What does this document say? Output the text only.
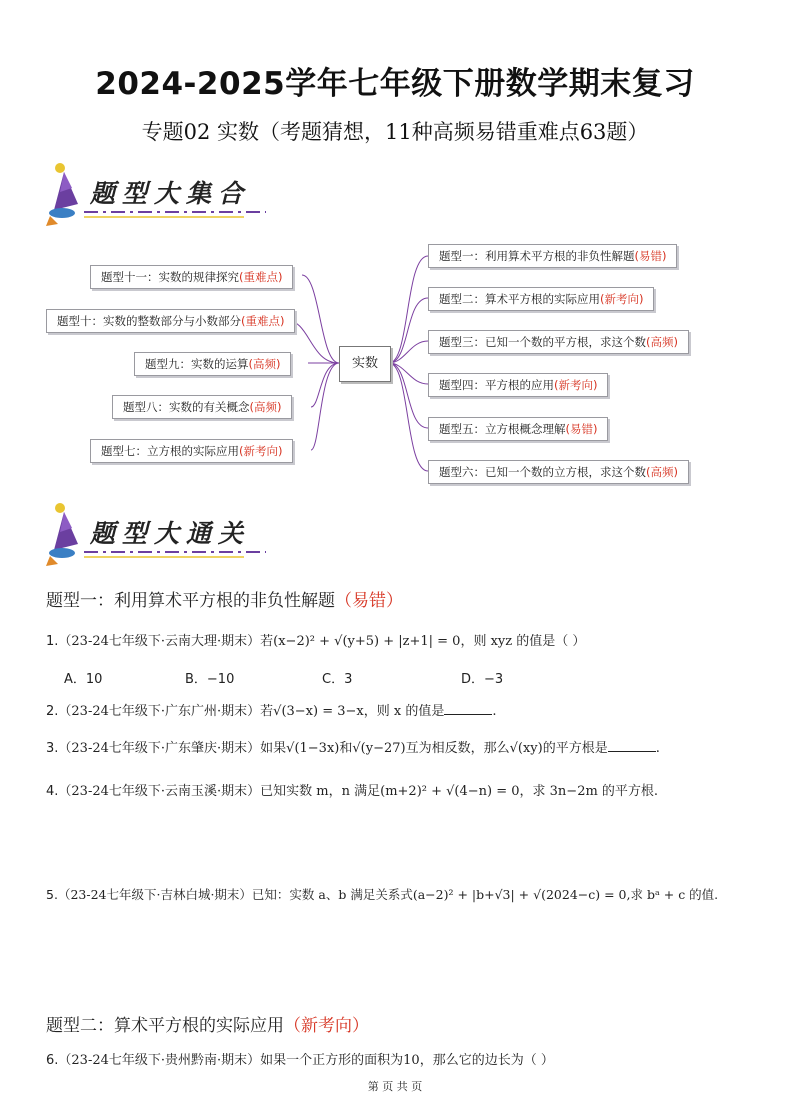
2024-2025学年七年级下册数学期末复习
专题02 实数（考题猜想，11种高频易错重难点63题）
题型大集合
实数
题型十一：实数的规律探究(重难点)
题型十：实数的整数部分与小数部分(重难点)
题型九：实数的运算(高频)
题型八：实数的有关概念(高频)
题型七：立方根的实际应用(新考向)
题型一：利用算术平方根的非负性解题(易错)
题型二：算术平方根的实际应用(新考向)
题型三：已知一个数的平方根，求这个数(高频)
题型四：平方根的应用(新考向)
题型五：立方根概念理解(易错)
题型六：已知一个数的立方根，求这个数(高频)
题型大通关
题型一：利用算术平方根的非负性解题（易错）
1.（23-24七年级下·云南大理·期末）若(x−2)² + √(y+5) + |z+1| = 0，则 xyz 的值是（ ）
A．10	B．−10	C．3	D．−3
2.（23-24七年级下·广东广州·期末）若√(3−x) = 3−x，则 x 的值是	.
3.（23-24七年级下·广东肇庆·期末）如果√(1−3x)和√(y−27)互为相反数，那么√(xy)的平方根是	.
4.（23-24七年级下·云南玉溪·期末）已知实数 m，n 满足(m+2)² + √(4−n) = 0，求 3n−2m 的平方根.
5.（23-24七年级下·吉林白城·期末）已知：实数 a、b 满足关系式(a−2)² + |b+√3| + √(2024−c) = 0,求 bᵃ + c 的值.
题型二：算术平方根的实际应用（新考向）
6.（23-24七年级下·贵州黔南·期末）如果一个正方形的面积为10，那么它的边长为（ ）
第 页 共 页
